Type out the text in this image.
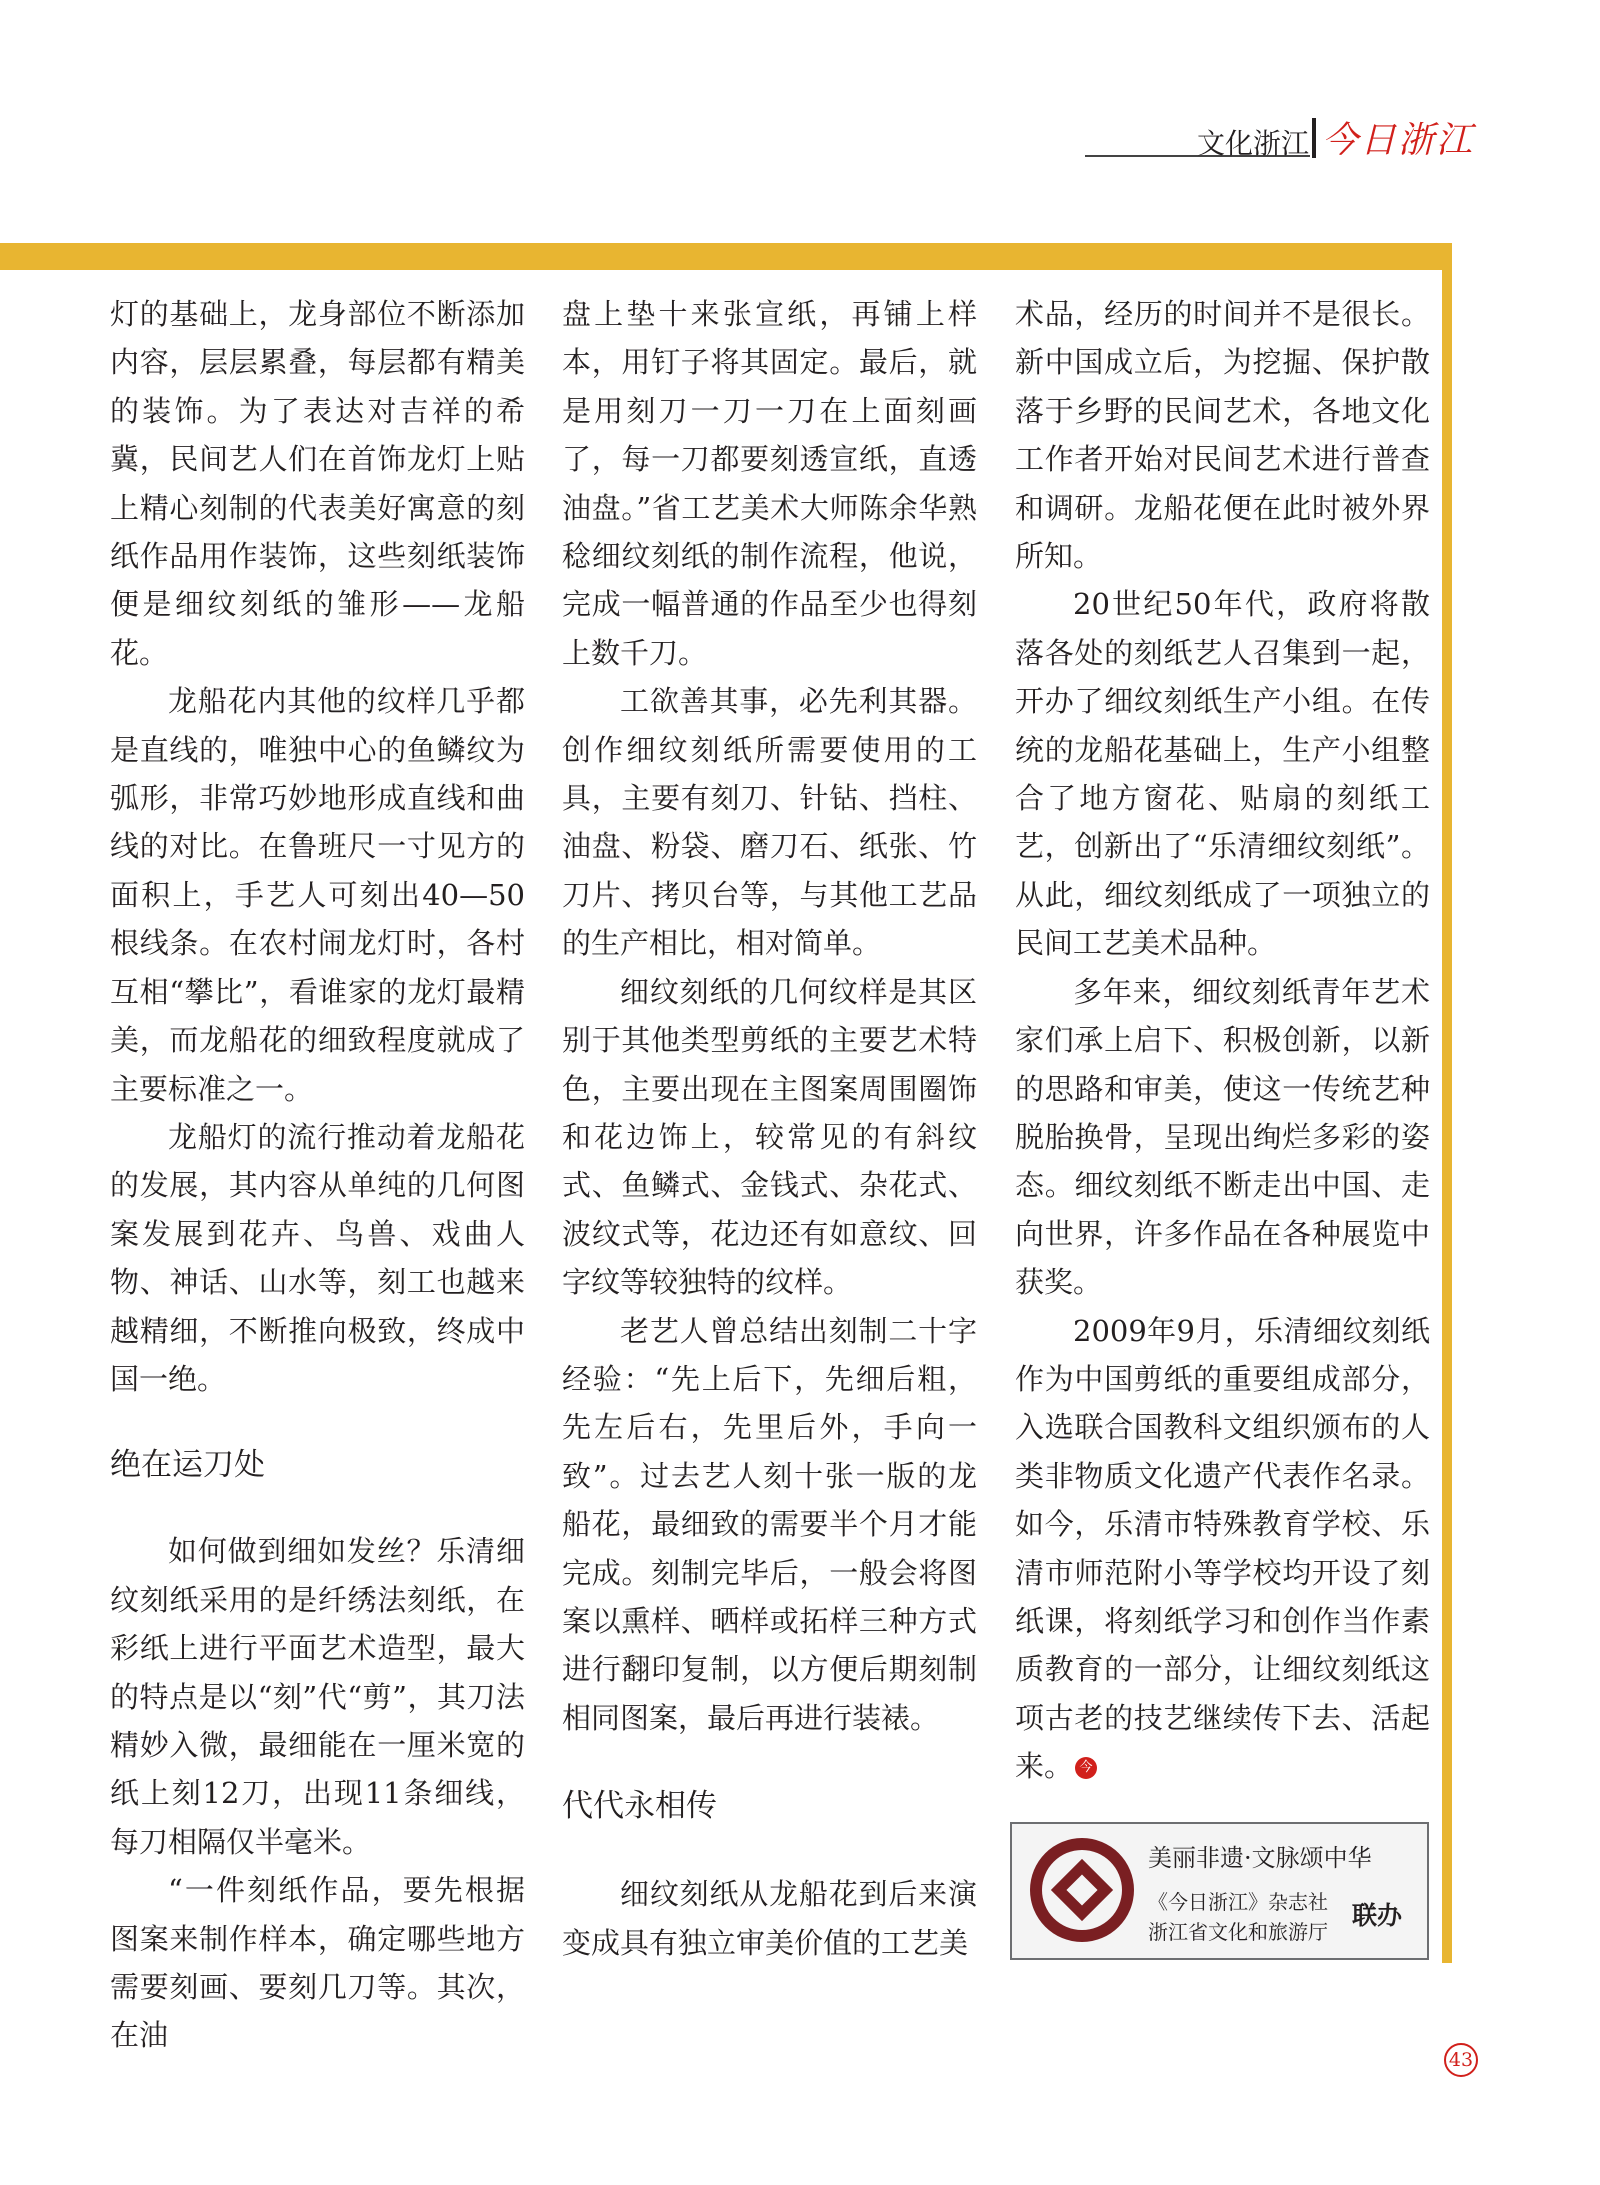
文化浙江 今日浙江

灯的基础上，龙身部位不断添加内容，层层累叠，每层都有精美的装饰。为了表达对吉祥的希冀，民间艺人们在首饰龙灯上贴上精心刻制的代表美好寓意的刻纸作品用作装饰，这些刻纸装饰便是细纹刻纸的雏形——龙船花。

龙船花内其他的纹样几乎都是直线的，唯独中心的鱼鳞纹为弧形，非常巧妙地形成直线和曲线的对比。在鲁班尺一寸见方的面积上，手艺人可刻出40—50根线条。在农村闹龙灯时，各村互相“攀比”，看谁家的龙灯最精美，而龙船花的细致程度就成了主要标准之一。

龙船灯的流行推动着龙船花的发展，其内容从单纯的几何图案发展到花卉、鸟兽、戏曲人物、神话、山水等，刻工也越来越精细，不断推向极致，终成中国一绝。

绝在运刀处

如何做到细如发丝？乐清细纹刻纸采用的是纤绣法刻纸，在彩纸上进行平面艺术造型，最大的特点是以“刻”代“剪”，其刀法精妙入微，最细能在一厘米宽的纸上刻12刀，出现11条细线，每刀相隔仅半毫米。

“一件刻纸作品，要先根据图案来制作样本，确定哪些地方需要刻画、要刻几刀等。其次，在油

盘上垫十来张宣纸，再铺上样本，用钉子将其固定。最后，就是用刻刀一刀一刀在上面刻画了，每一刀都要刻透宣纸，直透油盘。”省工艺美术大师陈余华熟稔细纹刻纸的制作流程，他说，完成一幅普通的作品至少也得刻上数千刀。

工欲善其事，必先利其器。创作细纹刻纸所需要使用的工具，主要有刻刀、针钻、挡柱、油盘、粉袋、磨刀石、纸张、竹刀片、拷贝台等，与其他工艺品的生产相比，相对简单。

细纹刻纸的几何纹样是其区别于其他类型剪纸的主要艺术特色，主要出现在主图案周围圈饰和花边饰上，较常见的有斜纹式、鱼鳞式、金钱式、杂花式、波纹式等，花边还有如意纹、回字纹等较独特的纹样。

老艺人曾总结出刻制二十字经验：“先上后下，先细后粗，先左后右，先里后外，手向一致”。过去艺人刻十张一版的龙船花，最细致的需要半个月才能完成。刻制完毕后，一般会将图案以熏样、晒样或拓样三种方式进行翻印复制，以方便后期刻制相同图案，最后再进行装裱。

代代永相传

细纹刻纸从龙船花到后来演变成具有独立审美价值的工艺美

术品，经历的时间并不是很长。新中国成立后，为挖掘、保护散落于乡野的民间艺术，各地文化工作者开始对民间艺术进行普查和调研。龙船花便在此时被外界所知。

20世纪50年代，政府将散落各处的刻纸艺人召集到一起，开办了细纹刻纸生产小组。在传统的龙船花基础上，生产小组整合了地方窗花、贴扇的刻纸工艺，创新出了“乐清细纹刻纸”。从此，细纹刻纸成了一项独立的民间工艺美术品种。

多年来，细纹刻纸青年艺术家们承上启下、积极创新，以新的思路和审美，使这一传统艺种脱胎换骨，呈现出绚烂多彩的姿态。细纹刻纸不断走出中国、走向世界，许多作品在各种展览中获奖。

2009年9月，乐清细纹刻纸作为中国剪纸的重要组成部分，入选联合国教科文组织颁布的人类非物质文化遗产代表作名录。如今，乐清市特殊教育学校、乐清市师范附小等学校均开设了刻纸课，将刻纸学习和创作当作素质教育的一部分，让细纹刻纸这项古老的技艺继续传下去、活起来。 今

美丽非遗·文脉颂中华
《今日浙江》杂志社
浙江省文化和旅游厅
联办
43
